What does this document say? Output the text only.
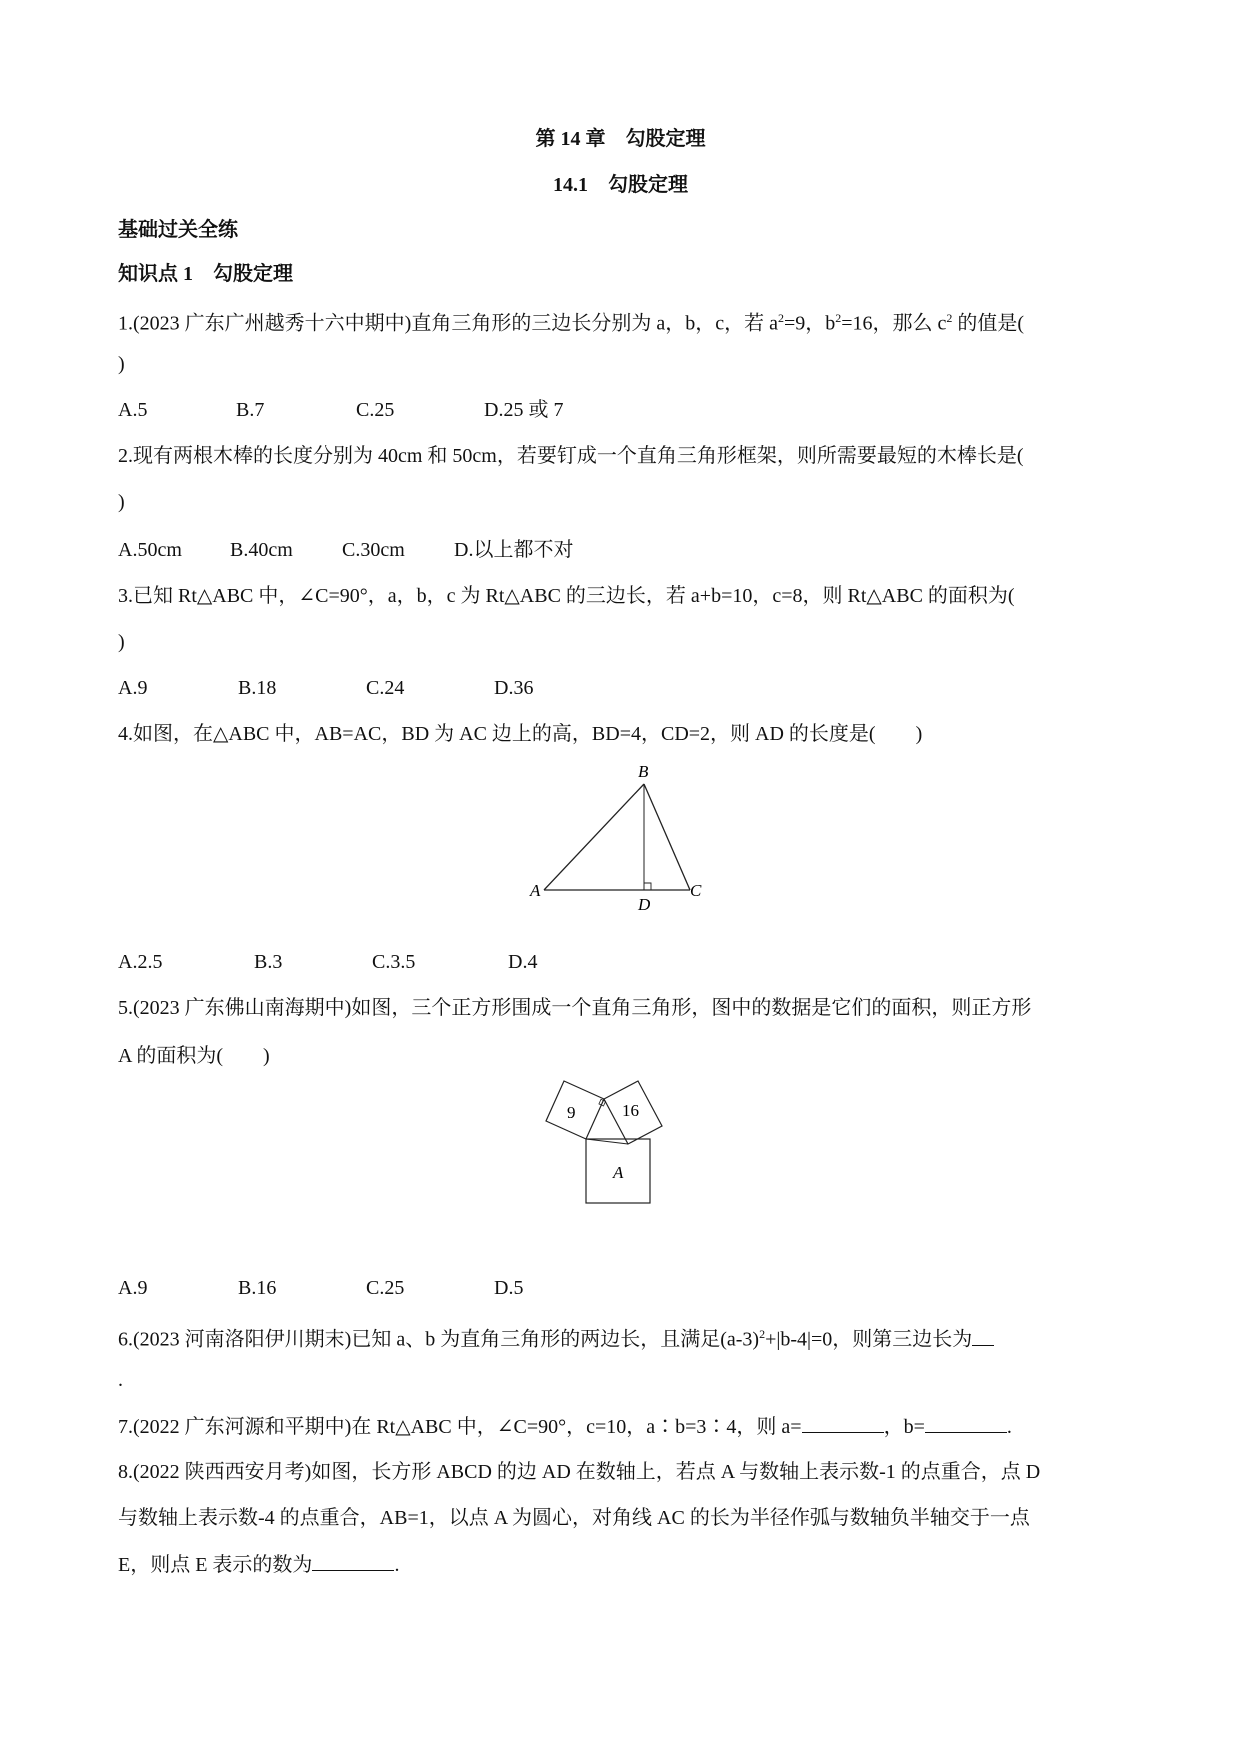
第 14 章　勾股定理
14.1　勾股定理
基础过关全练
知识点 1　勾股定理
1.(2023 广东广州越秀十六中期中)直角三角形的三边长分别为 a，b，c，若 $a^2=9$，$b^2=16$，那么 $c^2$ 的值是(
)
A.5	B.7	C.25	D.25 或 7
2.现有两根木棒的长度分别为 40cm 和 50cm，若要钉成一个直角三角形框架，则所需要最短的木棒长是(
)
A.50cm B.40cm C.30cm D.以上都不对
3.已知 Rt△ABC 中，∠C=90°，a，b，c 为 Rt△ABC 的三边长，若 a+b=10，c=8，则 Rt△ABC 的面积为(
)
A.9	B.18	C.24	D.36
4.如图，在△ABC 中，AB=AC，BD 为 AC 边上的高，BD=4，CD=2，则 AD 的长度是(　　)
B
A
D
C
A.2.5	B.3	C.3.5	D.4
5.(2023 广东佛山南海期中)如图，三个正方形围成一个直角三角形，图中的数据是它们的面积，则正方形
A 的面积为(　　)
9	16
A
A.9	B.16	C.25	D.5
6.(2023 河南洛阳伊川期末)已知 a、b 为直角三角形的两边长，且满足$(a-3)^2+|b-4|=0$，则第三边长为
.
7.(2022 广东河源和平期中)在 Rt△ABC 中，∠C=90°，c=10，a∶b=3∶4，则 a=	，b=	.
8.(2022 陕西西安月考)如图，长方形 ABCD 的边 AD 在数轴上，若点 A 与数轴上表示数-1 的点重合，点 D
与数轴上表示数-4 的点重合，AB=1，以点 A 为圆心，对角线 AC 的长为半径作弧与数轴负半轴交于一点
E，则点 E 表示的数为	.
